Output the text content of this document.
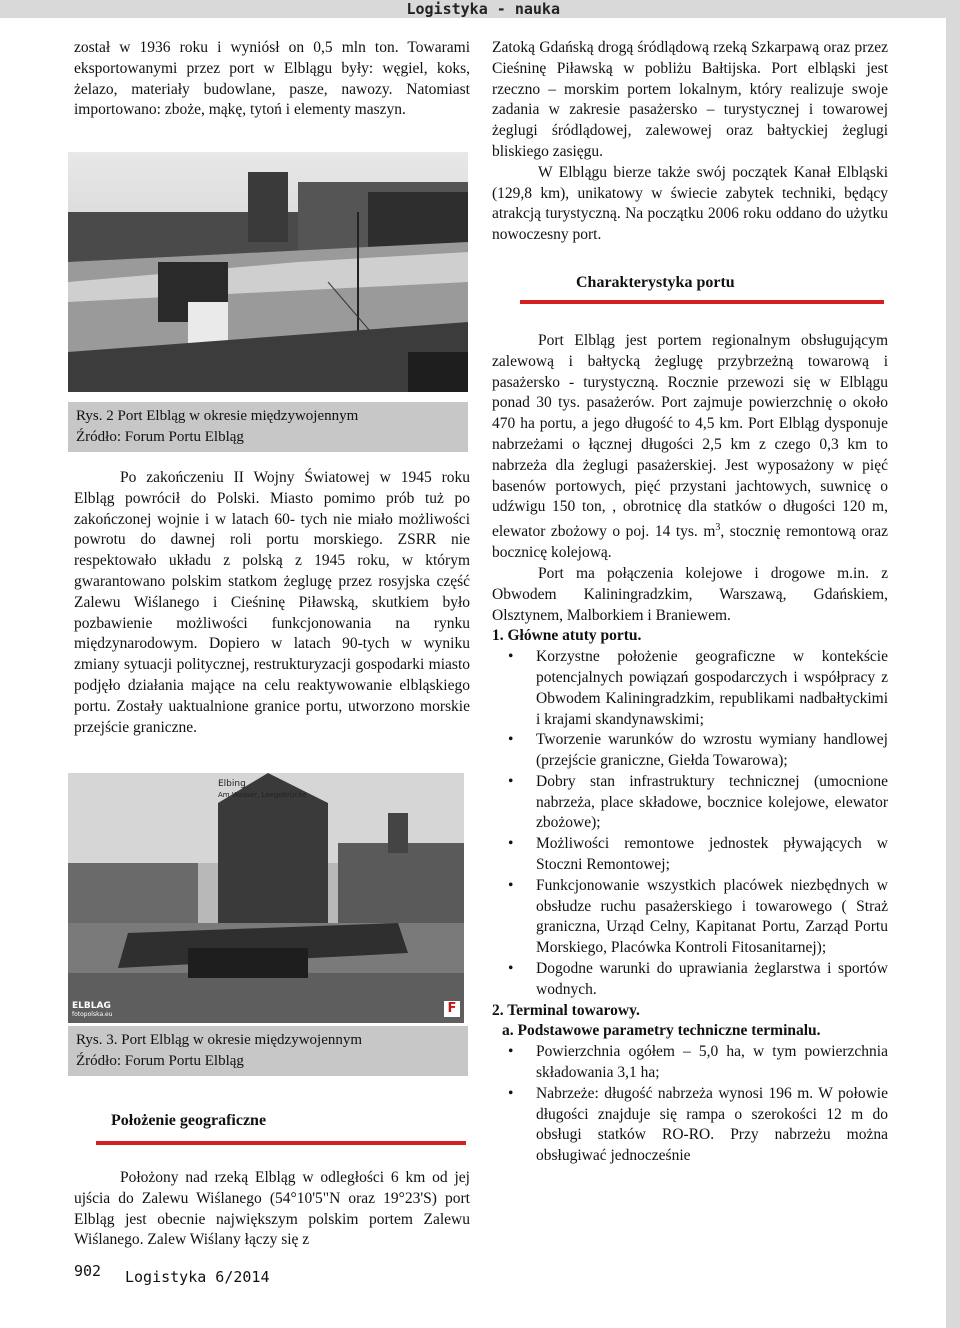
Logistyka - nauka

został w 1936 roku i wyniósł on 0,5 mln ton. Towarami eksportowanymi przez port w Elblągu były: węgiel, koks, żelazo, materiały budowlane, pasze, nawozy. Natomiast importowano: zboże, mąkę, tytoń i elementy maszyn.

Rys. 2 Port Elbląg w okresie międzywojennym
Źródło: Forum Portu Elbląg

Po zakończeniu II Wojny Światowej w 1945 roku Elbląg powrócił do Polski. Miasto pomimo prób tuż po zakończonej wojnie i w latach 60- tych nie miało możliwości powrotu do dawnej roli portu morskiego. ZSRR nie respektowało układu z polską z 1945 roku, w którym gwarantowano polskim statkom żeglugę przez rosyjska część Zalewu Wiślanego i Cieśninę Piławską, skutkiem było pozbawienie możliwości funkcjonowania na rynku międzynarodowym. Dopiero w latach 90-tych w wyniku zmiany sytuacji politycznej, restrukturyzacji gospodarki miasto podjęło działania mające na celu reaktywowanie elbląskiego portu. Zostały uaktualnione granice portu, utworzono morskie przejście graniczne.

Elbing
Am Wasser, Leegebrücke
ELBLAG
fotopolska.eu	F
Rys. 3. Port Elbląg w okresie międzywojennym
Źródło: Forum Portu Elbląg
Położenie geograficzne

Położony nad rzeką Elbląg w odległości 6 km od jej ujścia do Zalewu Wiślanego (54°10'5"N oraz 19°23'S) port Elbląg jest obecnie największym polskim portem Zalewu Wiślanego. Zalew Wiślany łączy się z

Zatoką Gdańską drogą śródlądową rzeką Szkarpawą oraz przez Cieśninę Piławską w pobliżu Bałtijska. Port elbląski jest rzeczno – morskim portem lokalnym, który realizuje swoje zadania w zakresie pasażersko – turystycznej i towarowej żeglugi śródlądowej, zalewowej oraz bałtyckiej żeglugi bliskiego zasięgu.

W Elblągu bierze także swój początek Kanał Elbląski (129,8 km), unikatowy w świecie zabytek techniki, będący atrakcją turystyczną. Na początku 2006 roku oddano do użytku nowoczesny port.

Charakterystyka portu

Port Elbląg jest portem regionalnym obsługującym zalewową i bałtycką żeglugę przybrzeżną towarową i pasażersko - turystyczną. Rocznie przewozi się w Elblągu ponad 30 tys. pasażerów. Port zajmuje powierzchnię o około 470 ha portu, a jego długość to 4,5 km. Port Elbląg dysponuje nabrzeżami o łącznej długości 2,5 km z czego 0,3 km to nabrzeża dla żeglugi pasażerskiej. Jest wyposażony w pięć basenów portowych, pięć przystani jachtowych, suwnicę o udźwigu 150 ton, , obrotnicę dla statków o długości 120 m, elewator zbożowy o poj. 14 tys. $m^3$, stocznię remontową oraz bocznicę kolejową.

Port ma połączenia kolejowe i drogowe m.in. z Obwodem Kaliningradzkim, Warszawą, Gdańskiem, Olsztynem, Malborkiem i Braniewem.

1. Główne atuty portu.

• Korzystne położenie geograficzne w kontekście potencjalnych powiązań gospodarczych i współpracy z Obwodem Kaliningradzkim, republikami nadbałtyckimi i krajami skandynawskimi;
• Tworzenie warunków do wzrostu wymiany handlowej (przejście graniczne, Giełda Towarowa);
• Dobry stan infrastruktury technicznej (umocnione nabrzeża, place składowe, bocznice kolejowe, elewator zbożowe);
• Możliwości remontowe jednostek pływających w Stoczni Remontowej;
• Funkcjonowanie wszystkich placówek niezbędnych w obsłudze ruchu pasażerskiego i towarowego ( Straż graniczna, Urząd Celny, Kapitanat Portu, Zarząd Portu Morskiego, Placówka Kontroli Fitosanitarnej);
• Dogodne warunki do uprawiania żeglarstwa i sportów wodnych.

2. Terminal towarowy.

a. Podstawowe parametry techniczne terminalu.

• Powierzchnia ogółem – 5,0 ha, w tym powierzchnia składowania 3,1 ha;
• Nabrzeże: długość nabrzeża wynosi 196 m. W połowie długości znajduje się rampa o szerokości 12 m do obsługi statków RO-RO. Przy nabrzeżu można obsługiwać jednocześnie
902 Logistyka 6/2014
